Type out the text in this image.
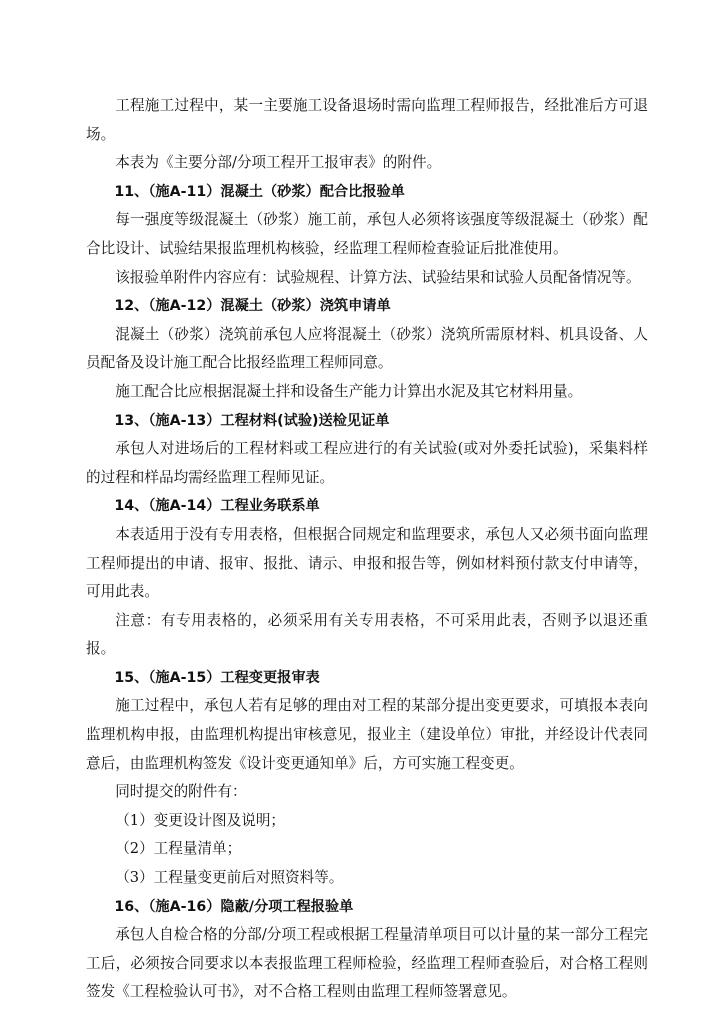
工程施工过程中，某一主要施工设备退场时需向监理工程师报告，经批准后方可退场。

本表为《主要分部/分项工程开工报审表》的附件。

11、（施A-11）混凝土（砂浆）配合比报验单

每一强度等级混凝土（砂浆）施工前，承包人必须将该强度等级混凝土（砂浆）配合比设计、试验结果报监理机构核验，经监理工程师检查验证后批准使用。

该报验单附件内容应有：试验规程、计算方法、试验结果和试验人员配备情况等。

12、（施A-12）混凝土（砂浆）浇筑申请单

混凝土（砂浆）浇筑前承包人应将混凝土（砂浆）浇筑所需原材料、机具设备、人员配备及设计施工配合比报经监理工程师同意。

施工配合比应根据混凝土拌和设备生产能力计算出水泥及其它材料用量。

13、（施A-13）工程材料(试验)送检见证单

承包人对进场后的工程材料或工程应进行的有关试验(或对外委托试验)，采集料样的过程和样品均需经监理工程师见证。

14、（施A-14）工程业务联系单

本表适用于没有专用表格，但根据合同规定和监理要求，承包人又必须书面向监理工程师提出的申请、报审、报批、请示、申报和报告等，例如材料预付款支付申请等，可用此表。

注意：有专用表格的，必须采用有关专用表格，不可采用此表，否则予以退还重报。

15、（施A-15）工程变更报审表

施工过程中，承包人若有足够的理由对工程的某部分提出变更要求，可填报本表向监理机构申报，由监理机构提出审核意见，报业主（建设单位）审批，并经设计代表同意后，由监理机构签发《设计变更通知单》后，方可实施工程变更。

同时提交的附件有：

（1）变更设计图及说明；

（2）工程量清单；

（3）工程量变更前后对照资料等。

16、（施A-16）隐蔽/分项工程报验单

承包人自检合格的分部/分项工程或根据工程量清单项目可以计量的某一部分工程完工后，必须按合同要求以本表报监理工程师检验，经监理工程师查验后，对合格工程则签发《工程检验认可书》，对不合格工程则由监理工程师签署意见。
